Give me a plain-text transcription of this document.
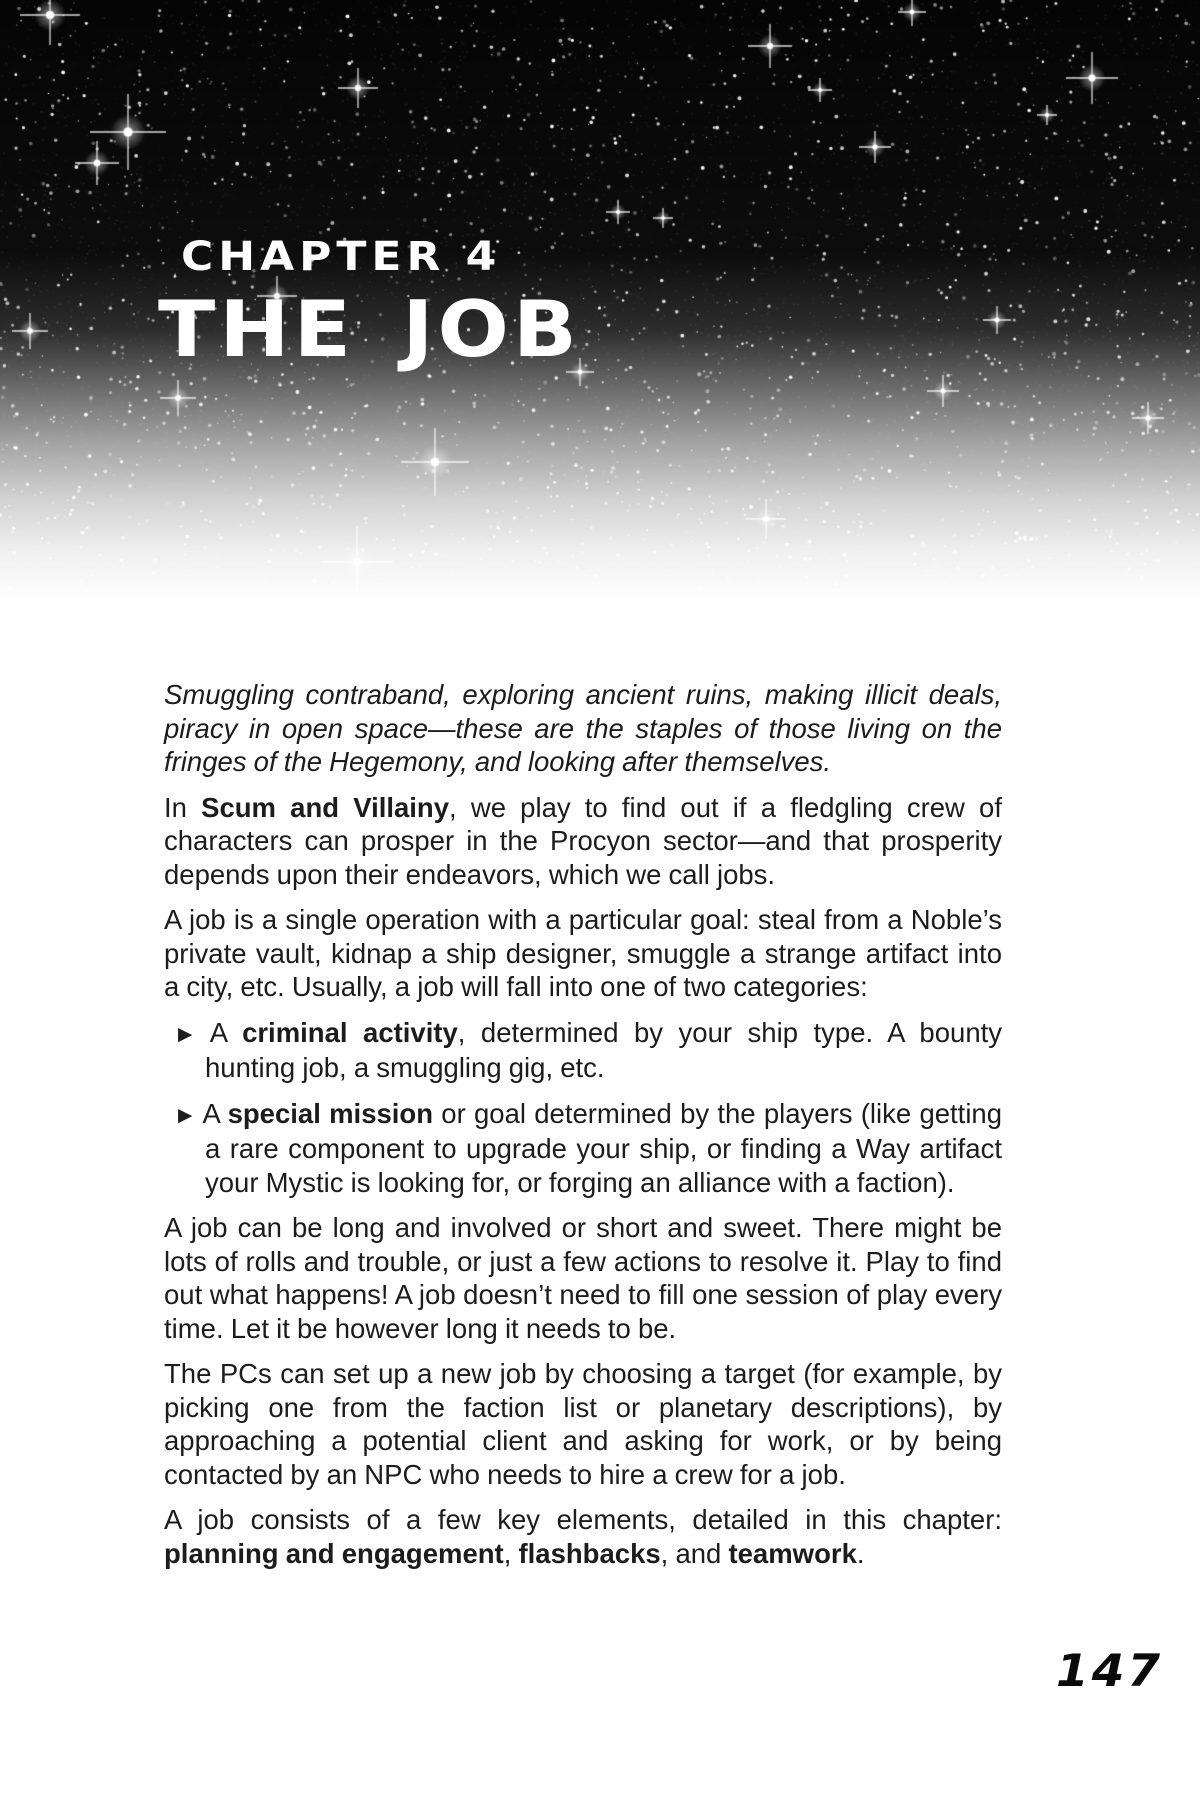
CHAPTER 4
THE JOB

Smuggling contraband, exploring ancient ruins, making illicit deals, piracy in open space—these are the staples of those living on the fringes of the Hegemony, and looking after themselves.

In Scum and Villainy, we play to find out if a fledgling crew of characters can prosper in the Procyon sector—and that prosperity depends upon their endeavors, which we call jobs.

A job is a single operation with a particular goal: steal from a Noble’s private vault, kidnap a ship designer, smuggle a strange artifact into a city, etc. Usually, a job will fall into one of two categories:

▶ A criminal activity, determined by your ship type. A bounty hunting job, a smuggling gig, etc.

▶ A special mission or goal determined by the players (like getting a rare component to upgrade your ship, or finding a Way artifact your Mystic is looking for, or forging an alliance with a faction).

A job can be long and involved or short and sweet. There might be lots of rolls and trouble, or just a few actions to resolve it. Play to find out what happens! A job doesn’t need to fill one session of play every time. Let it be however long it needs to be.

The PCs can set up a new job by choosing a target (for example, by picking one from the faction list or planetary descriptions), by approaching a potential client and asking for work, or by being contacted by an NPC who needs to hire a crew for a job.

A job consists of a few key elements, detailed in this chapter: planning and engagement, flashbacks, and teamwork.

147
